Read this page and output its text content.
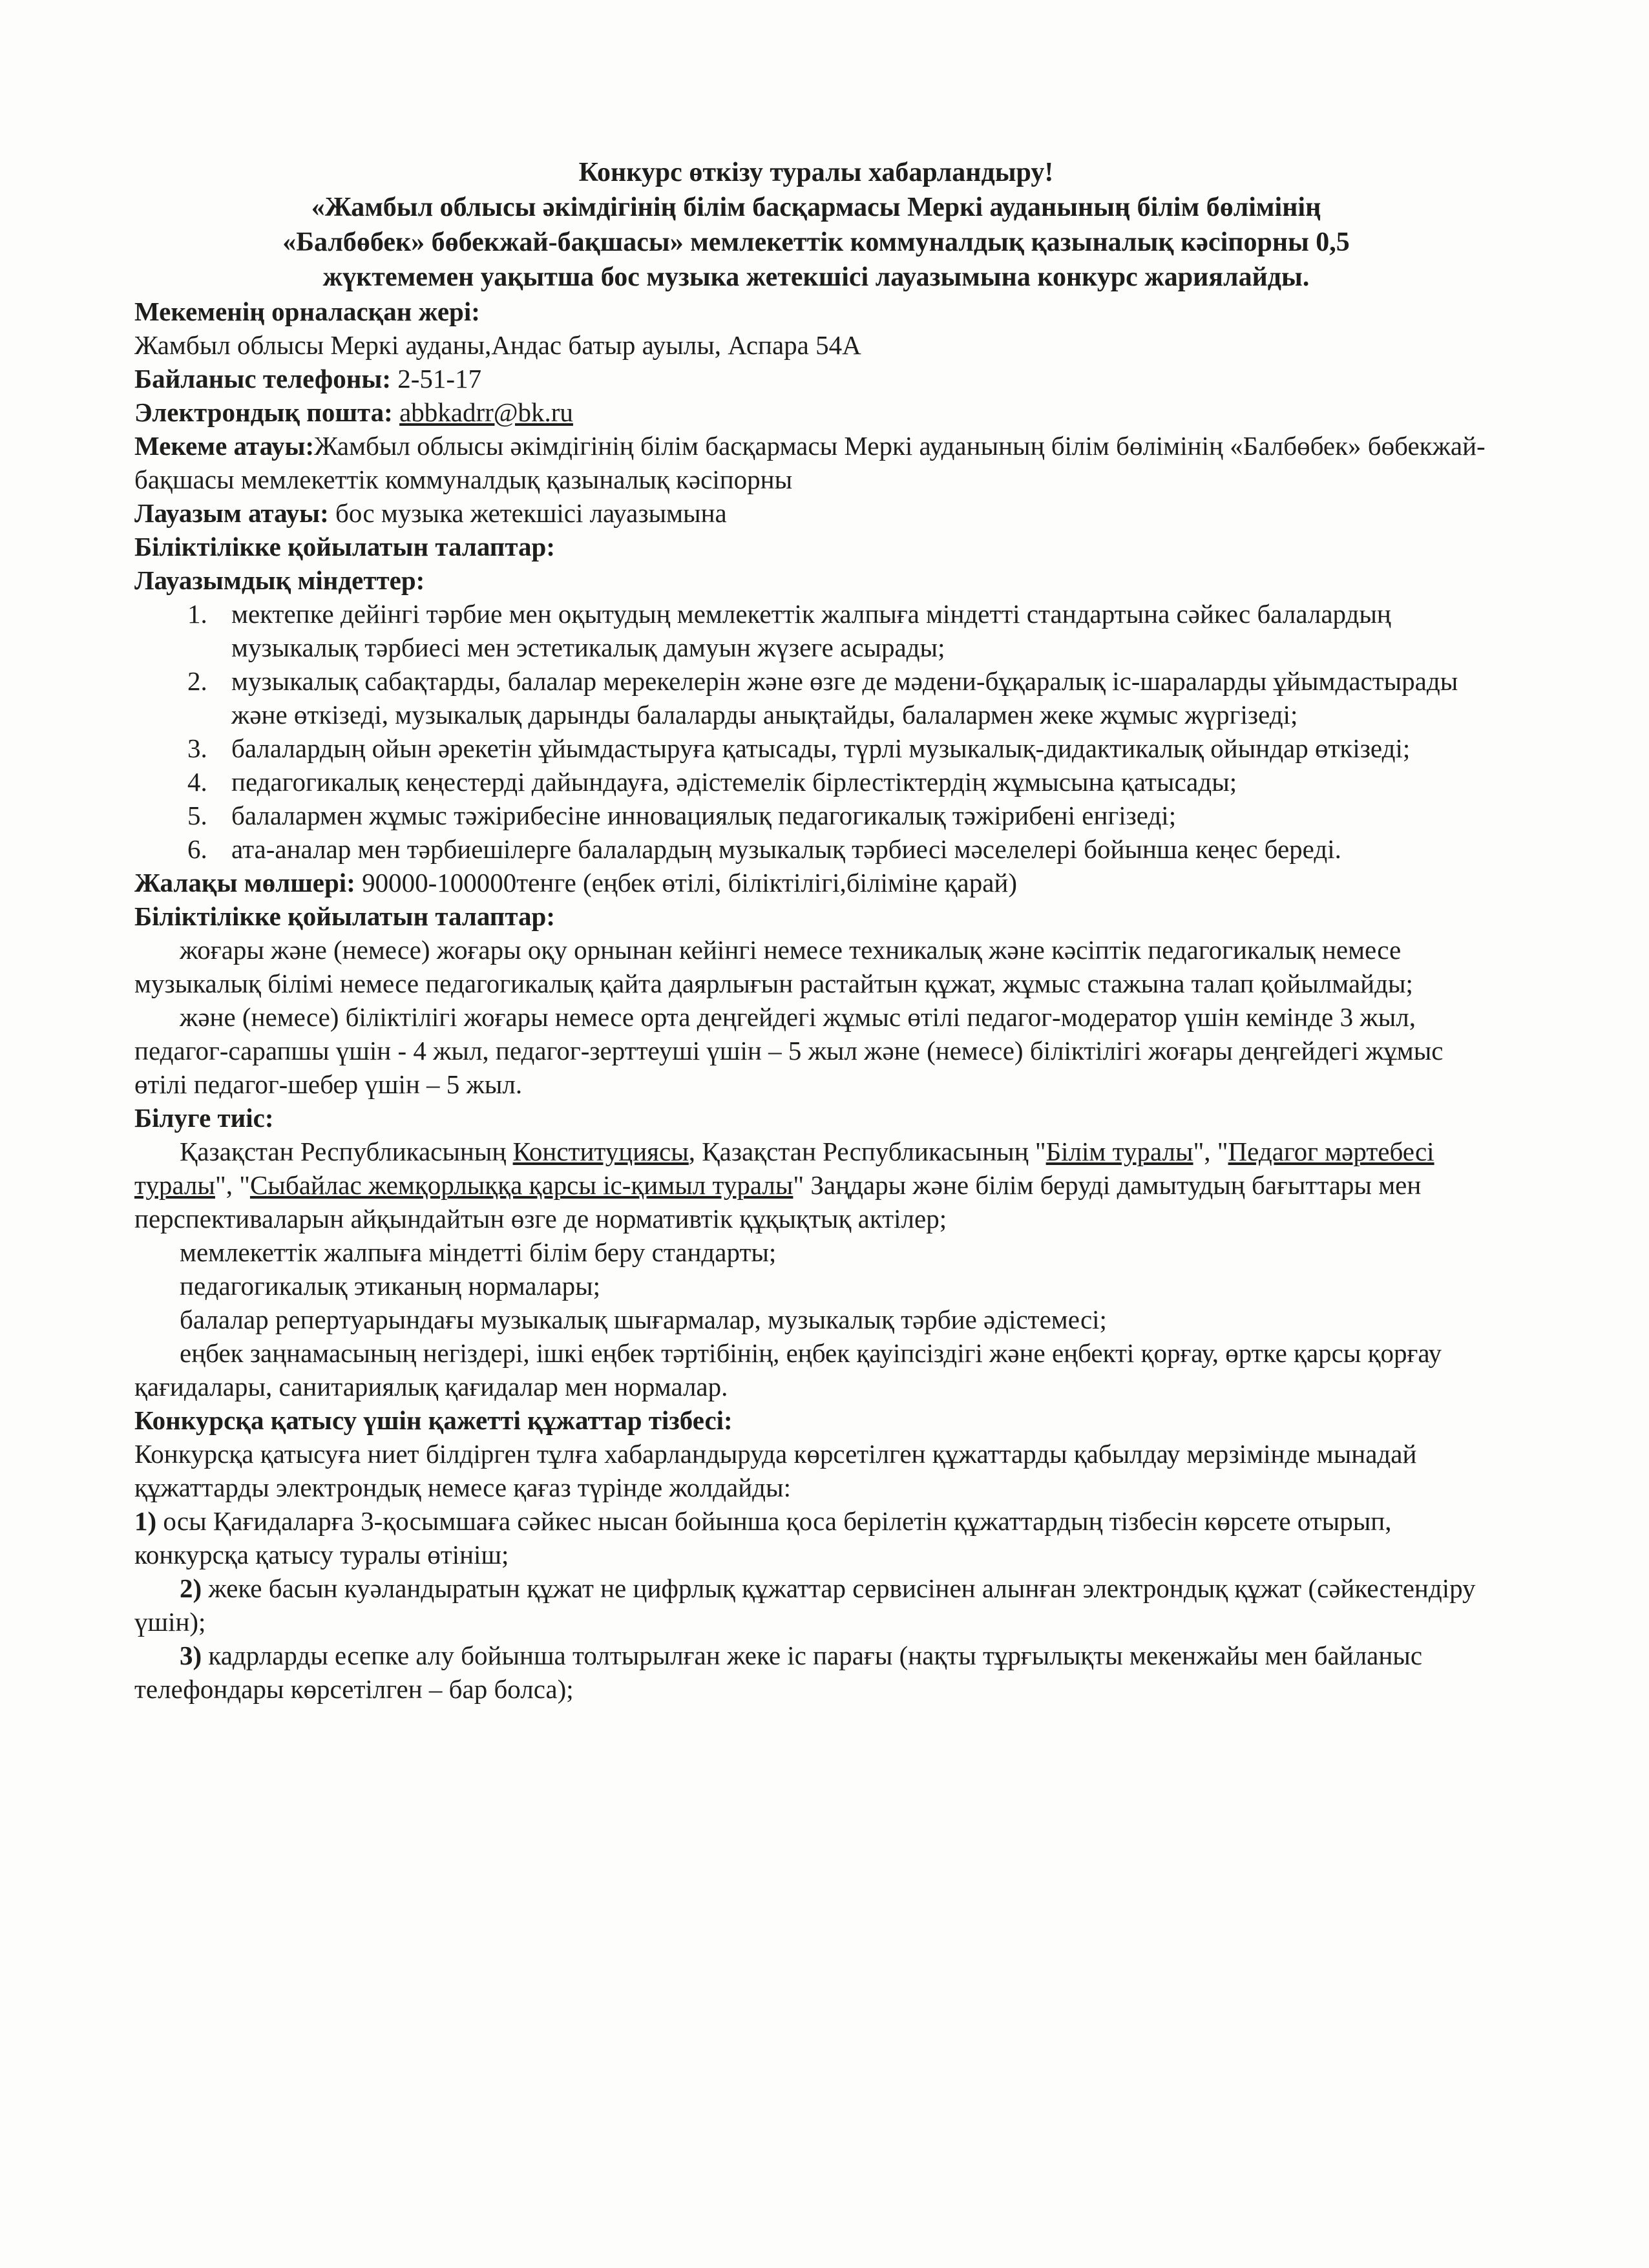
Конкурс өткізу туралы хабарландыру!
«Жамбыл облысы әкімдігінің білім басқармасы Меркі ауданының білім бөлімінің
«Балбөбек» бөбекжай-бақшасы» мемлекеттік коммуналдық қазыналық кәсіпорны 0,5
жүктемемен уақытша бос музыка жетекшісі лауазымына конкурс жариялайды.

Мекеменің орналасқан жері:

Жамбыл облысы Меркі ауданы,Андас батыр ауылы, Аспара 54А

Байланыс телефоны: 2-51-17

Электрондық пошта: abbkadrr@bk.ru

Мекеме атауы:Жамбыл облысы әкімдігінің білім басқармасы Меркі ауданының білім бөлімінің «Балбөбек» бөбекжай-бақшасы мемлекеттік коммуналдық қазыналық кәсіпорны

Лауазым атауы: бос музыка жетекшісі лауазымына

Біліктілікке қойылатын талаптар:

Лауазымдық міндеттер:

1. мектепке дейінгі тәрбие мен оқытудың мемлекеттік жалпыға міндетті стандартына сәйкес балалардың музыкалық тәрбиесі мен эстетикалық дамуын жүзеге асырады;
2. музыкалық сабақтарды, балалар мерекелерін және өзге де мәдени-бұқаралық іс-шараларды ұйымдастырады және өткізеді, музыкалық дарынды балаларды анықтайды, балалармен жеке жұмыс жүргізеді;
3. балалардың ойын әрекетін ұйымдастыруға қатысады, түрлі музыкалық-дидактикалық ойындар өткізеді;
4. педагогикалық кеңестерді дайындауға, әдістемелік бірлестіктердің жұмысына қатысады;
5. балалармен жұмыс тәжірибесіне инновациялық педагогикалық тәжірибені енгізеді;
6. ата-аналар мен тәрбиешілерге балалардың музыкалық тәрбиесі мәселелері бойынша кеңес береді.

Жалақы мөлшері: 90000-100000тенге (еңбек өтілі, біліктілігі,біліміне қарай)

Біліктілікке қойылатын талаптар:

жоғары және (немесе) жоғары оқу орнынан кейінгі немесе техникалық және кәсіптік педагогикалық немесе музыкалық білімі немесе педагогикалық қайта даярлығын растайтын құжат, жұмыс стажына талап қойылмайды;

және (немесе) біліктілігі жоғары немесе орта деңгейдегі жұмыс өтілі педагог-модератор үшін кемінде 3 жыл, педагог-сарапшы үшін - 4 жыл, педагог-зерттеуші үшін – 5 жыл және (немесе) біліктілігі жоғары деңгейдегі жұмыс өтілі педагог-шебер үшін – 5 жыл.

Білуге тиіс:

Қазақстан Республикасының Конституциясы, Қазақстан Республикасының "Білім туралы", "Педагог мәртебесі туралы", "Сыбайлас жемқорлыққа қарсы іс-қимыл туралы" Заңдары және білім беруді дамытудың бағыттары мен перспективаларын айқындайтын өзге де нормативтік құқықтық актілер;

мемлекеттік жалпыға міндетті білім беру стандарты;

педагогикалық этиканың нормалары;

балалар репертуарындағы музыкалық шығармалар, музыкалық тәрбие әдістемесі;

еңбек заңнамасының негіздері, ішкі еңбек тәртібінің, еңбек қауіпсіздігі және еңбекті қорғау, өртке қарсы қорғау қағидалары, санитариялық қағидалар мен нормалар.

Конкурсқа қатысу үшін қажетті құжаттар тізбесі:

Конкурсқа қатысуға ниет білдірген тұлға хабарландыруда көрсетілген құжаттарды қабылдау мерзімінде мынадай құжаттарды электрондық немесе қағаз түрінде жолдайды:

1) осы Қағидаларға 3-қосымшаға сәйкес нысан бойынша қоса берілетін құжаттардың тізбесін көрсете отырып, конкурсқа қатысу туралы өтініш;

2) жеке басын куәландыратын құжат не цифрлық құжаттар сервисінен алынған электрондық құжат (сәйкестендіру үшін);

3) кадрларды есепке алу бойынша толтырылған жеке іс парағы (нақты тұрғылықты мекенжайы мен байланыс телефондары көрсетілген – бар болса);
